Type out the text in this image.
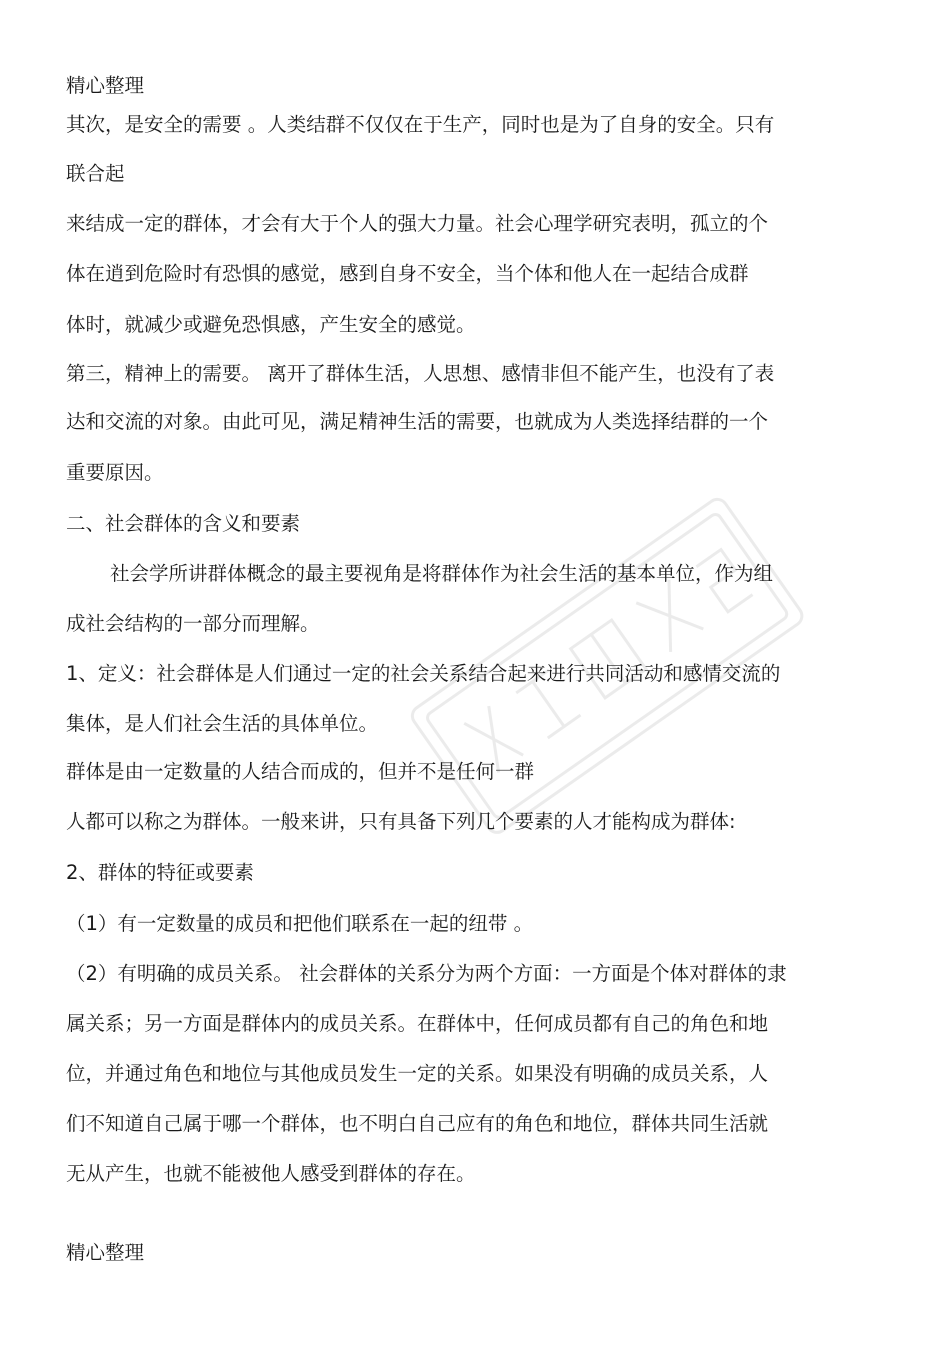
精心整理

其次，是安全的需要 。人类结群不仅仅在于生产，同时也是为了自身的安全。只有

联合起

来结成一定的群体，才会有大于个人的强大力量。社会心理学研究表明，孤立的个

体在逍到危险时有恐惧的感觉，感到自身不安全，当个体和他人在一起结合成群

体时，就减少或避免恐惧感，产生安全的感觉。

第三，精神上的需要。 离开了群体生活，人思想、感情非但不能产生，也没有了表

达和交流的对象。由此可见，满足精神生活的需要，也就成为人类选择结群的一个

重要原因。

二、社会群体的含义和要素

社会学所讲群体概念的最主要视角是将群体作为社会生活的基本单位，作为组

成社会结构的一部分而理解。

1、定义：社会群体是人们通过一定的社会关系结合起来进行共同活动和感情交流的

集体，是人们社会生活的具体单位。

群体是由一定数量的人结合而成的，但并不是任何一群

人都可以称之为群体。一般来讲，只有具备下列几个要素的人才能构成为群体:

2、群体的特征或要素

（1）有一定数量的成员和把他们联系在一起的纽带 。

（2）有明确的成员关系。 社会群体的关系分为两个方面：一方面是个体对群体的隶

属关系；另一方面是群体内的成员关系。在群体中，任何成员都有自己的角色和地

位，并通过角色和地位与其他成员发生一定的关系。如果没有明确的成员关系，人

们不知道自己属于哪一个群体，也不明白自己应有的角色和地位，群体共同生活就

无从产生，也就不能被他人感受到群体的存在。

精心整理
